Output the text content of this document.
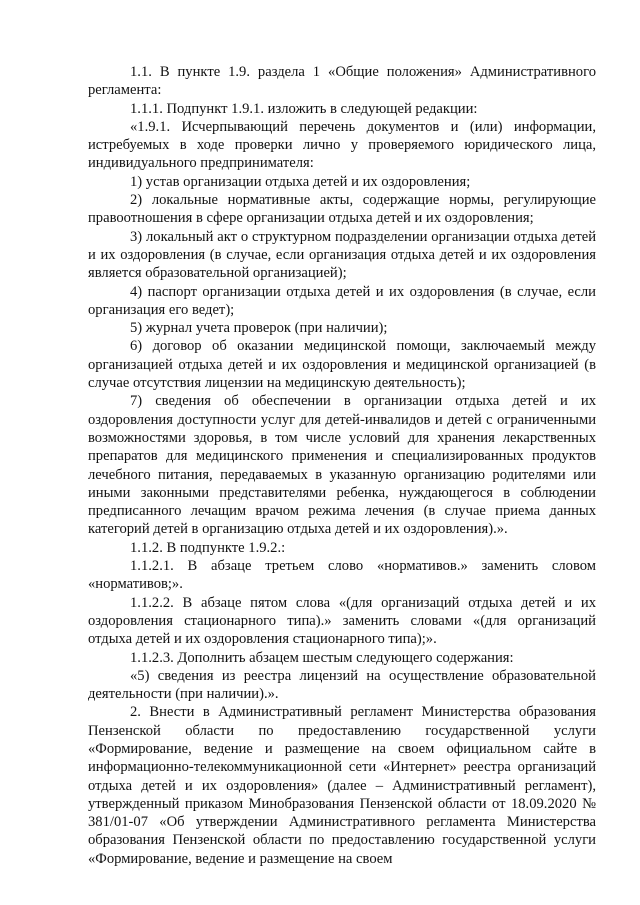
1.1. В пункте 1.9. раздела 1 «Общие положения» Административного регламента:

1.1.1. Подпункт 1.9.1. изложить в следующей редакции:

«1.9.1. Исчерпывающий перечень документов и (или) информации, истребуемых в ходе проверки лично у проверяемого юридического лица, индивидуального предпринимателя:

1) устав организации отдыха детей и их оздоровления;

2) локальные нормативные акты, содержащие нормы, регулирующие правоотношения в сфере организации отдыха детей и их оздоровления;

3) локальный акт о структурном подразделении организации отдыха детей и их оздоровления (в случае, если организация отдыха детей и их оздоровления является образовательной организацией);

4) паспорт организации отдыха детей и их оздоровления (в случае, если организация его ведет);

5) журнал учета проверок (при наличии);

6) договор об оказании медицинской помощи, заключаемый между организацией отдыха детей и их оздоровления и медицинской организацией (в случае отсутствия лицензии на медицинскую деятельность);

7) сведения об обеспечении в организации отдыха детей и их оздоровления доступности услуг для детей-инвалидов и детей с ограниченными возможностями здоровья, в том числе условий для хранения лекарственных препаратов для медицинского применения и специализированных продуктов лечебного питания, передаваемых в указанную организацию родителями или иными законными представителями ребенка, нуждающегося в соблюдении предписанного лечащим врачом режима лечения (в случае приема данных категорий детей в организацию отдыха детей и их оздоровления).».

1.1.2. В подпункте 1.9.2.:

1.1.2.1. В абзаце третьем слово «нормативов.» заменить словом «нормативов;».

1.1.2.2. В абзаце пятом слова «(для организаций отдыха детей и их оздоровления стационарного типа).» заменить словами «(для организаций отдыха детей и их оздоровления стационарного типа);».

1.1.2.3. Дополнить абзацем шестым следующего содержания:

«5) сведения из реестра лицензий на осуществление образовательной деятельности (при наличии).».

2. Внести в Административный регламент Министерства образования Пензенской области по предоставлению государственной услуги «Формирование, ведение и размещение на своем официальном сайте в информационно-телекоммуникационной сети «Интернет» реестра организаций отдыха детей и их оздоровления» (далее – Административный регламент), утвержденный приказом Минобразования Пензенской области от 18.09.2020 № 381/01-07 «Об утверждении Административного регламента Министерства образования Пензенской области по предоставлению государственной услуги «Формирование, ведение и размещение на своем
